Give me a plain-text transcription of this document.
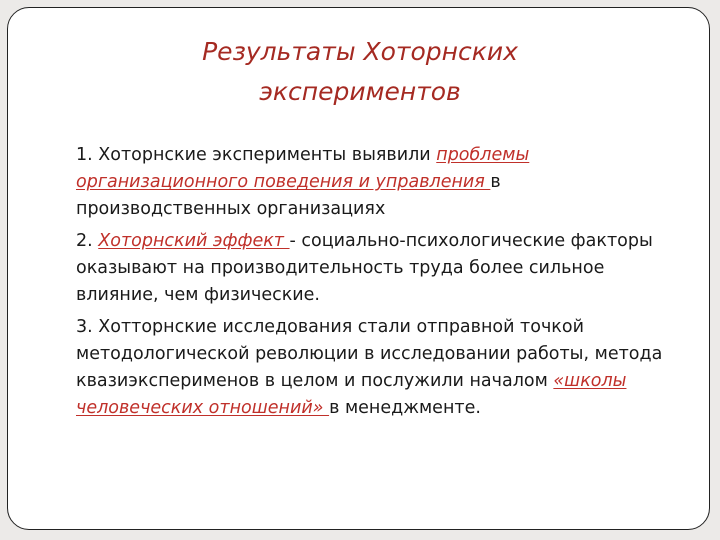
Результаты Хоторнских
экспериментов

1. Хоторнские эксперименты выявили проблемы организационного поведения и управления в производственных организациях

2. Хоторнский эффект - социально-психологические факторы оказывают на производительность труда более сильное влияние, чем физические.

3. Хотторнские исследования стали отправной точкой методологической революции в исследовании работы, метода квазиэксперименов в целом и послужили началом «школы человеческих отношений» в менеджменте.
